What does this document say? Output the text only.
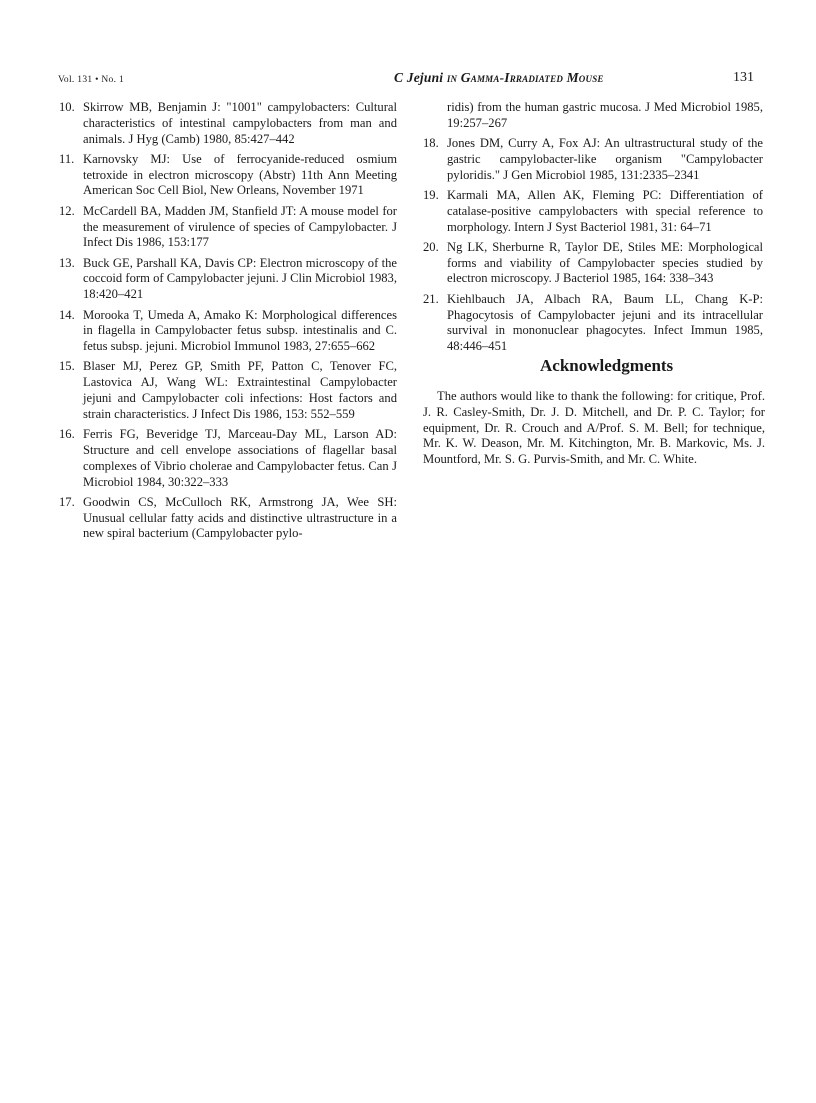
Vol. 131 • No. 1	C Jejuni in Gamma-Irradiated Mouse	131
10. Skirrow MB, Benjamin J: "1001" campylobacters: Cultural characteristics of intestinal campylobacters from man and animals. J Hyg (Camb) 1980, 85:427–442
11. Karnovsky MJ: Use of ferrocyanide-reduced osmium tetroxide in electron microscopy (Abstr) 11th Ann Meeting American Soc Cell Biol, New Orleans, November 1971
12. McCardell BA, Madden JM, Stanfield JT: A mouse model for the measurement of virulence of species of Campylobacter. J Infect Dis 1986, 153:177
13. Buck GE, Parshall KA, Davis CP: Electron microscopy of the coccoid form of Campylobacter jejuni. J Clin Microbiol 1983, 18:420–421
14. Morooka T, Umeda A, Amako K: Morphological differences in flagella in Campylobacter fetus subsp. intestinalis and C. fetus subsp. jejuni. Microbiol Immunol 1983, 27:655–662
15. Blaser MJ, Perez GP, Smith PF, Patton C, Tenover FC, Lastovica AJ, Wang WL: Extraintestinal Campylobacter jejuni and Campylobacter coli infections: Host factors and strain characteristics. J Infect Dis 1986, 153: 552–559
16. Ferris FG, Beveridge TJ, Marceau-Day ML, Larson AD: Structure and cell envelope associations of flagellar basal complexes of Vibrio cholerae and Campylobacter fetus. Can J Microbiol 1984, 30:322–333
17. Goodwin CS, McCulloch RK, Armstrong JA, Wee SH: Unusual cellular fatty acids and distinctive ultrastructure in a new spiral bacterium (Campylobacter pylo-
ridis) from the human gastric mucosa. J Med Microbiol 1985, 19:257–267
18. Jones DM, Curry A, Fox AJ: An ultrastructural study of the gastric campylobacter-like organism "Campylobacter pyloridis." J Gen Microbiol 1985, 131:2335–2341
19. Karmali MA, Allen AK, Fleming PC: Differentiation of catalase-positive campylobacters with special reference to morphology. Intern J Syst Bacteriol 1981, 31: 64–71
20. Ng LK, Sherburne R, Taylor DE, Stiles ME: Morphological forms and viability of Campylobacter species studied by electron microscopy. J Bacteriol 1985, 164: 338–343
21. Kiehlbauch JA, Albach RA, Baum LL, Chang K-P: Phagocytosis of Campylobacter jejuni and its intracellular survival in mononuclear phagocytes. Infect Immun 1985, 48:446–451
Acknowledgments

The authors would like to thank the following: for critique, Prof. J. R. Casley-Smith, Dr. J. D. Mitchell, and Dr. P. C. Taylor; for equipment, Dr. R. Crouch and A/Prof. S. M. Bell; for technique, Mr. K. W. Deason, Mr. M. Kitchington, Mr. B. Markovic, Ms. J. Mountford, Mr. S. G. Purvis-Smith, and Mr. C. White.
